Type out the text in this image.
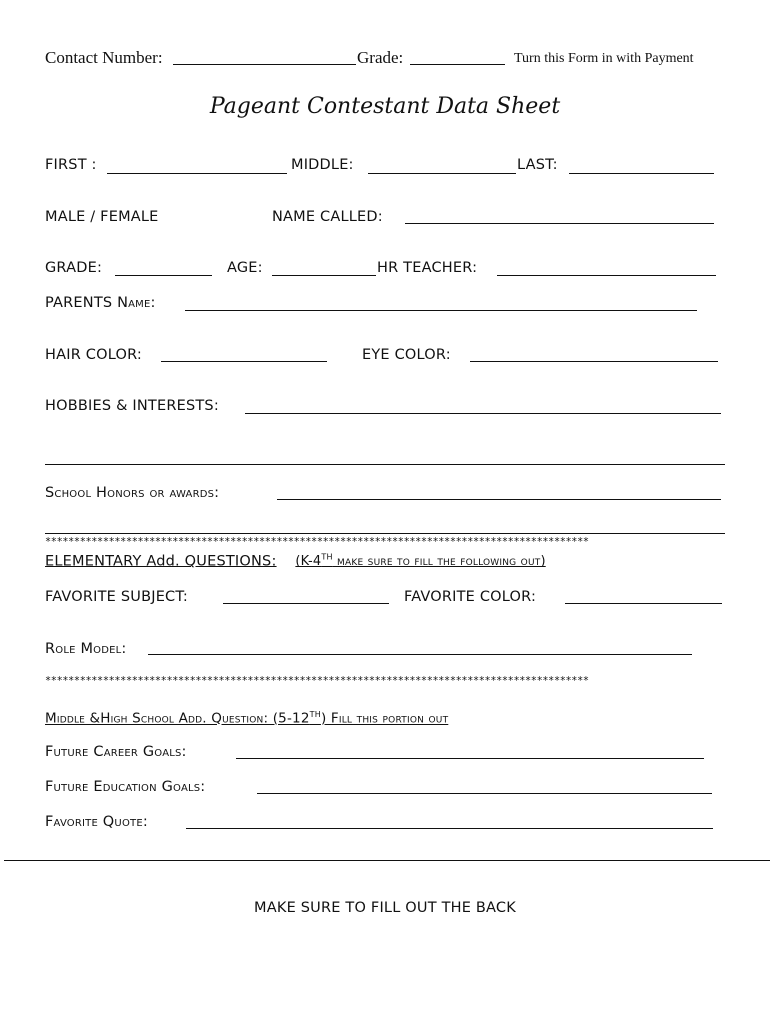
Contact Number:	Grade:	Turn this Form in with Payment
Pageant Contestant Data Sheet
FIRST :	MIDDLE:	LAST:
MALE / FEMALE	NAME CALLED:
GRADE:	AGE:	HR TEACHER:
PARENTS Name:
HAIR COLOR:	EYE COLOR:
HOBBIES & INTERESTS:
School Honors or awards:
**********************************************************************************************
ELEMENTARY Add. QUESTIONS: (K-4TH make sure to fill the following out)
FAVORITE SUBJECT:	FAVORITE COLOR:
Role Model:
**********************************************************************************************
Middle &High School Add. Question: (5-12TH) Fill this portion out
Future Career Goals:
Future Education Goals:
Favorite Quote:
MAKE SURE TO FILL OUT THE BACK
